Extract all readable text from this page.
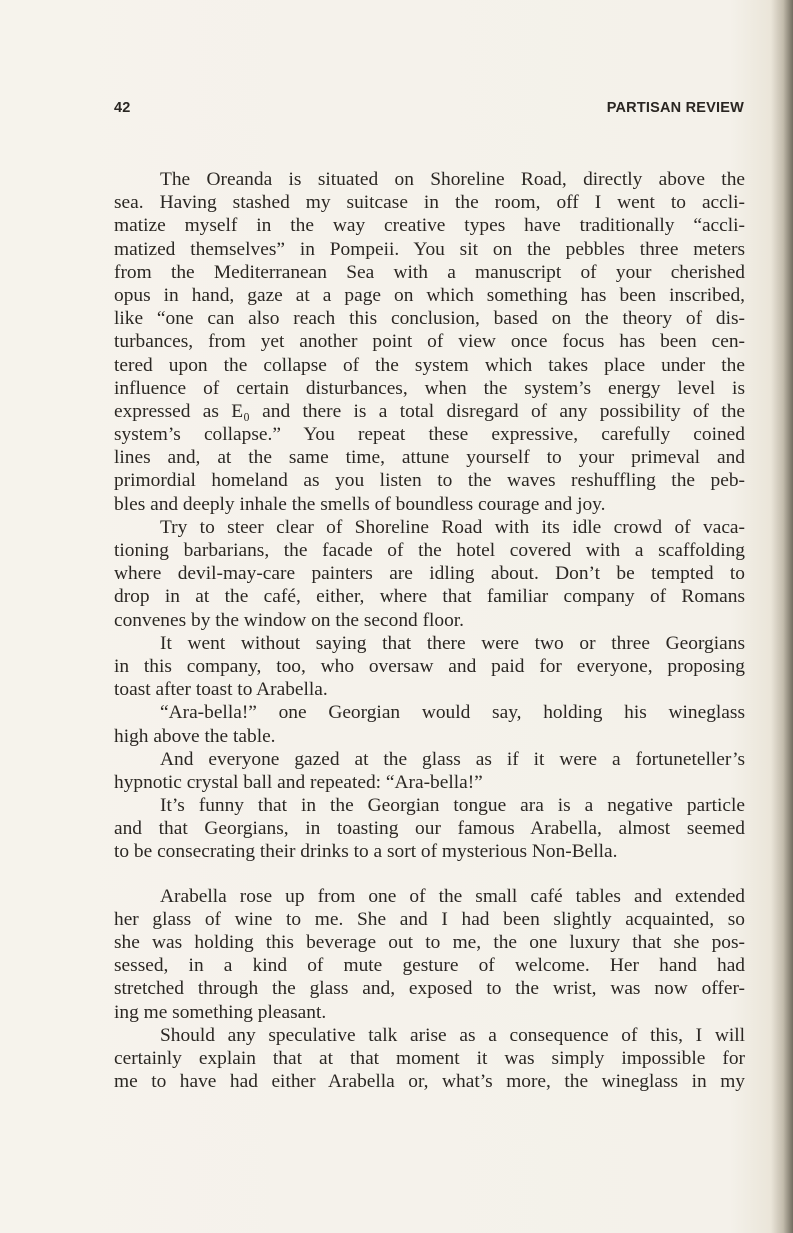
42	PARTISAN REVIEW
The Oreanda is situated on Shoreline Road, directly above the
sea. Having stashed my suitcase in the room, off I went to accli-
matize myself in the way creative types have traditionally “accli-
matized themselves” in Pompeii. You sit on the pebbles three meters
from the Mediterranean Sea with a manuscript of your cherished
opus in hand, gaze at a page on which something has been inscribed,
like “one can also reach this conclusion, based on the theory of dis-
turbances, from yet another point of view once focus has been cen-
tered upon the collapse of the system which takes place under the
influence of certain disturbances, when the system’s energy level is
expressed as E₀ and there is a total disregard of any possibility of the
system’s collapse.” You repeat these expressive, carefully coined
lines and, at the same time, attune yourself to your primeval and
primordial homeland as you listen to the waves reshuffling the peb-
bles and deeply inhale the smells of boundless courage and joy.
Try to steer clear of Shoreline Road with its idle crowd of vaca-
tioning barbarians, the facade of the hotel covered with a scaffolding
where devil-may-care painters are idling about. Don’t be tempted to
drop in at the café, either, where that familiar company of Romans
convenes by the window on the second floor.
It went without saying that there were two or three Georgians
in this company, too, who oversaw and paid for everyone, proposing
toast after toast to Arabella.
“Ara-bella!” one Georgian would say, holding his wineglass
high above the table.
And everyone gazed at the glass as if it were a fortuneteller’s
hypnotic crystal ball and repeated: “Ara-bella!”
It’s funny that in the Georgian tongue ara is a negative particle
and that Georgians, in toasting our famous Arabella, almost seemed
to be consecrating their drinks to a sort of mysterious Non-Bella.
Arabella rose up from one of the small café tables and extended
her glass of wine to me. She and I had been slightly acquainted, so
she was holding this beverage out to me, the one luxury that she pos-
sessed, in a kind of mute gesture of welcome. Her hand had
stretched through the glass and, exposed to the wrist, was now offer-
ing me something pleasant.
Should any speculative talk arise as a consequence of this, I will
certainly explain that at that moment it was simply impossible for
me to have had either Arabella or, what’s more, the wineglass in my
